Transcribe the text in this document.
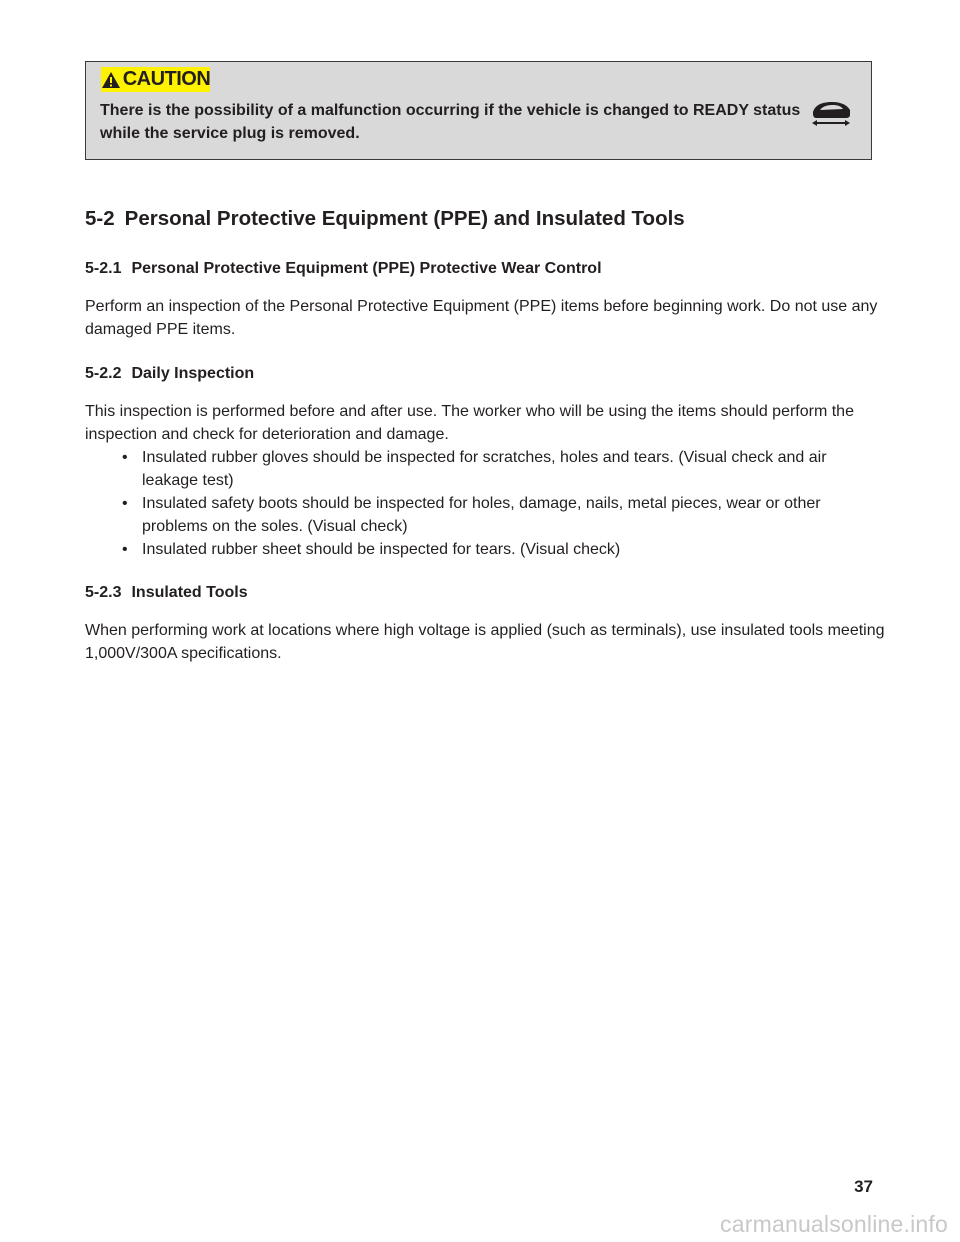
CAUTION

There is the possibility of a malfunction occurring if the vehicle is changed to READY status while the service plug is removed.

5-2 Personal Protective Equipment (PPE) and Insulated Tools
5-2.1 Personal Protective Equipment (PPE) Protective Wear Control

Perform an inspection of the Personal Protective Equipment (PPE) items before beginning work. Do not use any damaged PPE items.

5-2.2 Daily Inspection

This inspection is performed before and after use. The worker who will be using the items should perform the inspection and check for deterioration and damage.

• Insulated rubber gloves should be inspected for scratches, holes and tears. (Visual check and air leakage test)
• Insulated safety boots should be inspected for holes, damage, nails, metal pieces, wear or other problems on the soles. (Visual check)
• Insulated rubber sheet should be inspected for tears. (Visual check)
5-2.3 Insulated Tools

When performing work at locations where high voltage is applied (such as terminals), use insulated tools meeting 1,000V/300A specifications.

37
carmanualsonline.info
